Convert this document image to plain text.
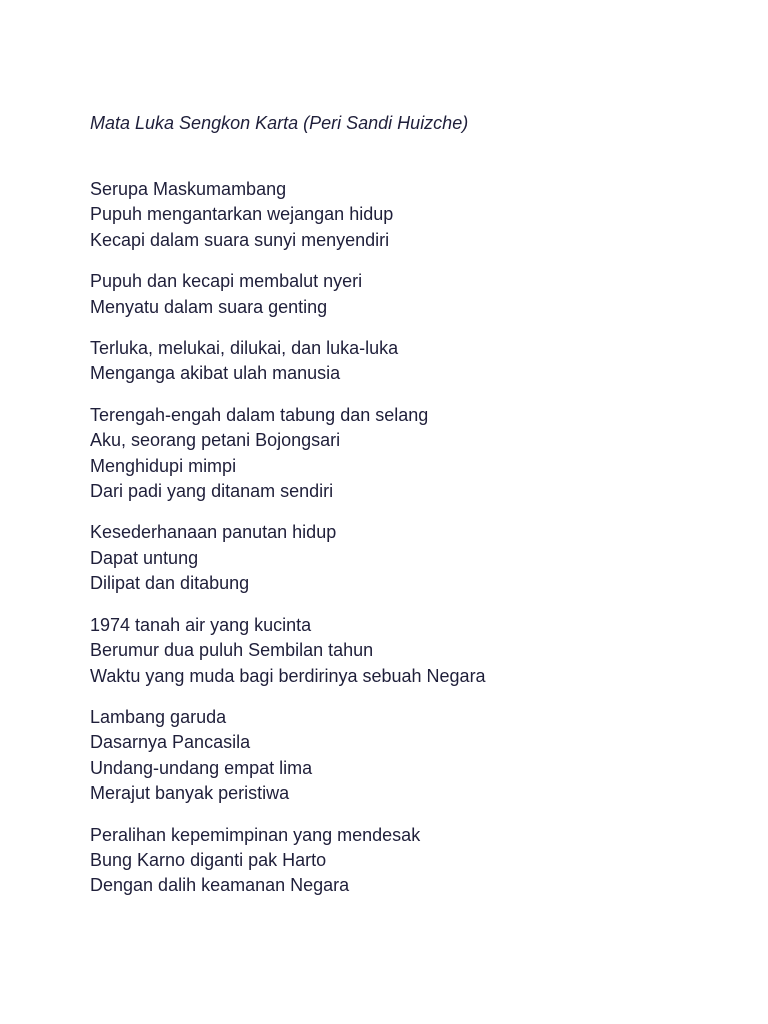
Mata Luka Sengkon Karta (Peri Sandi Huizche)
Serupa Maskumambang
Pupuh mengantarkan wejangan hidup
Kecapi dalam suara sunyi menyendiri
Pupuh dan kecapi membalut nyeri
Menyatu dalam suara genting
Terluka, melukai, dilukai, dan luka-luka
Menganga akibat ulah manusia
Terengah-engah dalam tabung dan selang
Aku, seorang petani Bojongsari
Menghidupi mimpi
Dari padi yang ditanam sendiri
Kesederhanaan panutan hidup
Dapat untung
Dilipat dan ditabung
1974 tanah air yang kucinta
Berumur dua puluh Sembilan tahun
Waktu yang muda bagi berdirinya sebuah Negara
Lambang garuda
Dasarnya Pancasila
Undang-undang empat lima
Merajut banyak peristiwa
Peralihan kepemimpinan yang mendesak
Bung Karno diganti pak Harto
Dengan dalih keamanan Negara
